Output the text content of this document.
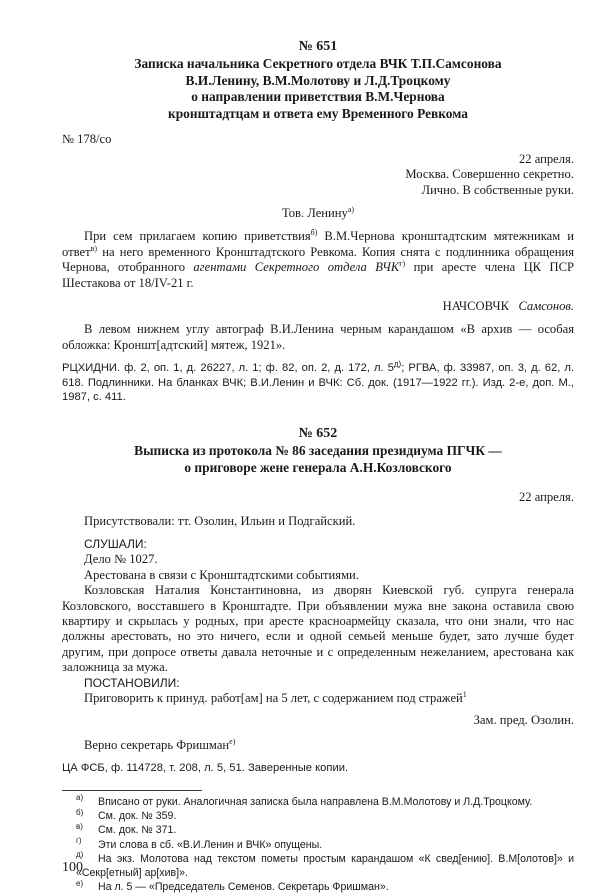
№ 651
Записка начальника Секретного отдела ВЧК Т.П.Самсонова
В.И.Ленину, В.М.Молотову и Л.Д.Троцкому
о направлении приветствия В.М.Чернова
кронштадтцам и ответа ему Временного Ревкома
№ 178/со
22 апреля.
Москва. Совершенно секретно.
Лично. В собственные руки.
Тов. Ленину$^{а)}$

При сем прилагаем копию приветствия$^{б)}$ В.М.Чернова кронштадтским мятежникам и ответ$^{в)}$ на него временного Кронштадтского Ревкома. Копия снята с подлинника обращения Чернова, отобранного агентами Секретного отдела $ВЧК^{г)}$ при аресте члена ЦК ПСР Шестакова от 18/IV-21 г.

НАЧСОВЧК Самсонов.

В левом нижнем углу автограф В.И.Ленина черным карандашом «В архив — особая обложка: Кроншт[адтский] мятеж, 1921».

РЦХИДНИ. ф. 2, оп. 1, д. 26227, л. 1; ф. 82, оп. 2, д. 172, л. $5^{д)}$; РГВА, ф. 33987, оп. 3, д. 62, л. 618. Подлинники. На бланках ВЧК; В.И.Ленин и ВЧК: Сб. док. (1917—1922 гг.). Изд. 2-е, доп. М., 1987, с. 411.

№ 652
Выписка из протокола № 86 заседания президиума ПГЧК —
о приговоре жене генерала А.Н.Козловского
22 апреля.

Присутствовали: тт. Озолин, Ильин и Подгайский.

СЛУШАЛИ:
Дело № 1027.
Арестована в связи с Кронштадтскими событиями.

Козловская Наталия Константиновна, из дворян Киевской губ. супруга генерала Козловского, восставшего в Кронштадте. При объявлении мужа вне закона оставила свою квартиру и скрылась у родных, при аресте красноармейцу сказала, что они знали, что нас должны арестовать, но это ничего, если и одной семьей меньше будет, зато лучше будет другим, при допросе ответы давала неточные и с определенным нежеланием, арестована как заложница за мужа.

ПОСТАНОВИЛИ:

Приговорить к принуд. работ[ам] на 5 лет, с содержанием под стражей$^1$

Зам. пред. Озолин.

Верно секретарь Фришман$^{е)}$

ЦА ФСБ, ф. 114728, т. 208, л. 5, 51. Заверенные копии.

$^{а)}$ Вписано от руки. Аналогичная записка была направлена В.М.Молотову и Л.Д.Троцкому.

$^{б)}$ См. док. № 359.

$^{в)}$ См. док. № 371.

$^{г)}$ Эти слова в сб. «В.И.Ленин и ВЧК» опущены.

$^{д)}$ На экз. Молотова над текстом пометы простым карандашом «К свед[ению]. В.М[олотов]» и «Секр[етный] ар[хив]».

$^{е)}$ На л. 5 — «Председатель Семенов. Секретарь Фришман».

100
